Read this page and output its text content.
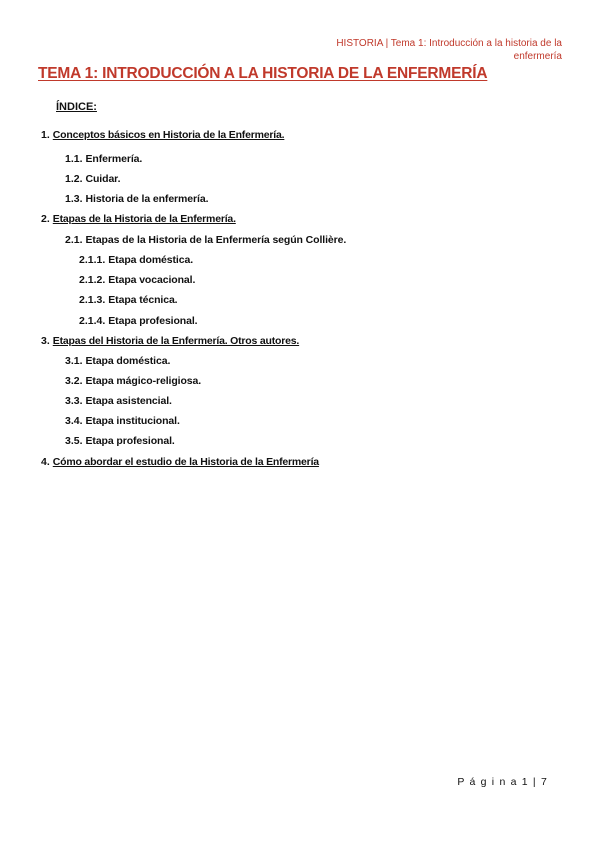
HISTORIA | Tema 1: Introducción a la historia de la
enfermería
TEMA 1: INTRODUCCIÓN A LA HISTORIA DE LA ENFERMERÍA
ÍNDICE:
1. Conceptos básicos en Historia de la Enfermería.
1.1. Enfermería.
1.2. Cuidar.
1.3. Historia de la enfermería.
2. Etapas de la Historia de la Enfermería.
2.1. Etapas de la Historia de la Enfermería según Collière.
2.1.1. Etapa doméstica.
2.1.2. Etapa vocacional.
2.1.3. Etapa técnica.
2.1.4. Etapa profesional.
3. Etapas del Historia de la Enfermería. Otros autores.
3.1. Etapa doméstica.
3.2. Etapa mágico-religiosa.
3.3. Etapa asistencial.
3.4. Etapa institucional.
3.5. Etapa profesional.
4. Cómo abordar el estudio de la Historia de la Enfermería
P á g i n a 1 | 7
